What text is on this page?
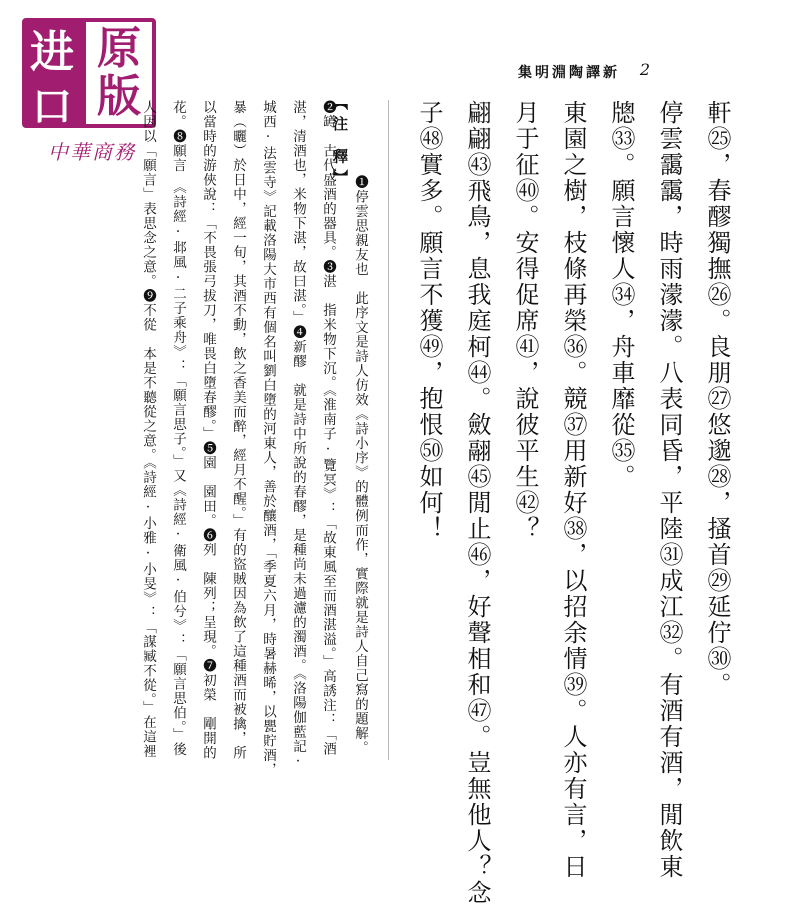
进
口
原
版
中華商務
集明淵陶譯新 2
軒㉕，春醪獨撫㉖。良朋㉗悠邈㉘，搔首㉙延佇㉚。
停雲靄靄，時雨濛濛。八表同昏，平陸㉛成江㉜。有酒有酒，閒飲東
牕㉝。願言懷人㉞，舟車靡從㉟。
東園之樹，枝條再榮㊱。競㊲用新好㊳，以招余情㊴。人亦有言，日
月于征㊵。安得促席㊶，說彼平生㊷？
翩翩㊸飛鳥，息我庭柯㊹。斂翮㊺閒止㊻，好聲相和㊼。豈無他人？念
子㊽實多。願言不獲㊾，抱恨㊿如何！
【注 釋】
❶停雲思親友也　此序文是詩人仿效《詩小序》的體例而作，實際就是詩人自己寫的題解。
❷罇　古代盛酒的器具。❸湛　指米物下沉。《淮南子·覽冥》：「故東風至而酒湛溢。」高誘注：「酒
湛，清酒也，米物下湛，故曰湛。」❹新醪　就是詩中所說的春醪，是種尚未過濾的濁酒。《洛陽伽藍記·
城西·法雲寺》記載洛陽大市西有個名叫劉白墮的河東人，善於釀酒，「季夏六月，時暑赫晞，以甖貯酒，
暴（曬）於日中，經一旬，其酒不動，飲之香美而醉，經月不醒。」有的盜賊因為飲了這種酒而被擒，所
以當時的游俠說：「不畏張弓拔刀，唯畏白墮春醪。」❺園　園田。❻列　陳列；呈現。❼初榮　剛開的
花。❽願言　《詩經·邶風·二子乘舟》：「願言思子。」又《詩經·衛風·伯兮》：「願言思伯。」後
人因以「願言」表思念之意。❾不從　本是不聽從之意。《詩經·小雅·小旻》：「謀臧不從。」在這裡
